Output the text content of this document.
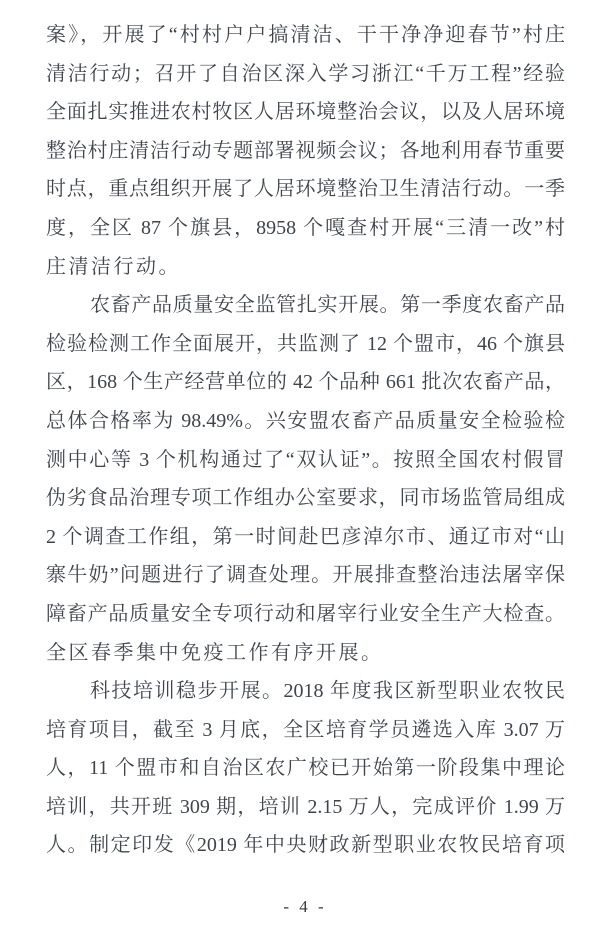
案》，开展了“村村户户搞清洁、干干净净迎春节”村庄
清洁行动；召开了自治区深入学习浙江“千万工程”经验
全面扎实推进农村牧区人居环境整治会议，以及人居环境
整治村庄清洁行动专题部署视频会议；各地利用春节重要
时点，重点组织开展了人居环境整治卫生清洁行动。一季
度，全区 87 个旗县，8958 个嘎查村开展“三清一改”村
庄清洁行动。
农畜产品质量安全监管扎实开展。第一季度农畜产品
检验检测工作全面展开，共监测了 12 个盟市，46 个旗县
区，168 个生产经营单位的 42 个品种 661 批次农畜产品，
总体合格率为 98.49%。兴安盟农畜产品质量安全检验检
测中心等 3 个机构通过了“双认证”。按照全国农村假冒
伪劣食品治理专项工作组办公室要求，同市场监管局组成
2 个调查工作组，第一时间赴巴彦淖尔市、通辽市对“山
寨牛奶”问题进行了调查处理。开展排查整治违法屠宰保
障畜产品质量安全专项行动和屠宰行业安全生产大检查。
全区春季集中免疫工作有序开展。
科技培训稳步开展。2018 年度我区新型职业农牧民
培育项目，截至 3 月底，全区培育学员遴选入库 3.07 万
人，11 个盟市和自治区农广校已开始第一阶段集中理论
培训，共开班 309 期，培训 2.15 万人，完成评价 1.99 万
人。制定印发《2019 年中央财政新型职业农牧民培育项
- 4 -
